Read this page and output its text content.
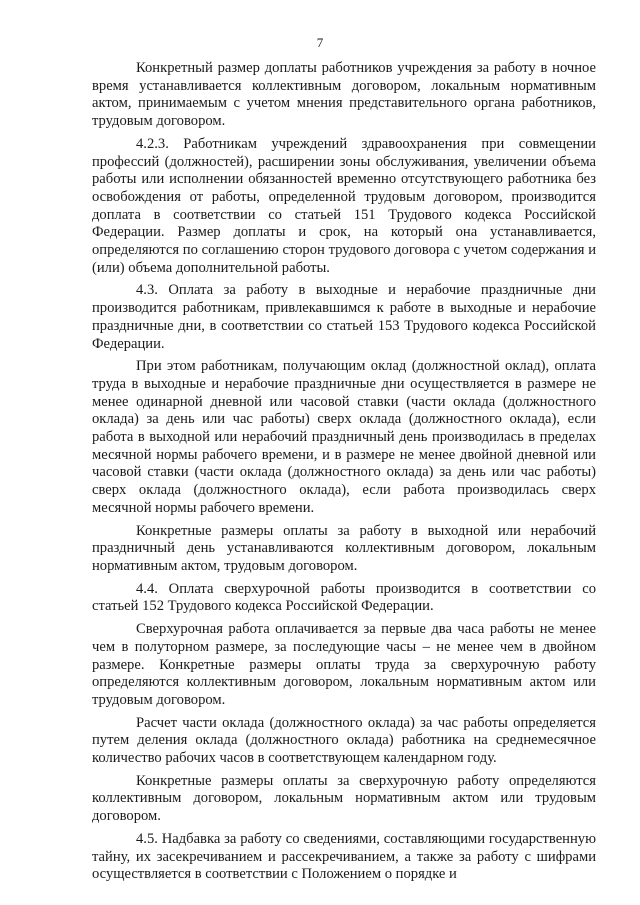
7

Конкретный размер доплаты работников учреждения за работу в ночное время устанавливается коллективным договором, локальным нормативным актом, принимаемым с учетом мнения представительного органа работников, трудовым договором.

4.2.3. Работникам учреждений здравоохранения при совмещении профессий (должностей), расширении зоны обслуживания, увеличении объема работы или исполнении обязанностей временно отсутствующего работника без освобождения от работы, определенной трудовым договором, производится доплата в соответствии со статьей 151 Трудового кодекса Российской Федерации. Размер доплаты и срок, на который она устанавливается, определяются по соглашению сторон трудового договора с учетом содержания и (или) объема дополнительной работы.

4.3. Оплата за работу в выходные и нерабочие праздничные дни производится работникам, привлекавшимся к работе в выходные и нерабочие праздничные дни, в соответствии со статьей 153 Трудового кодекса Российской Федерации.

При этом работникам, получающим оклад (должностной оклад), оплата труда в выходные и нерабочие праздничные дни осуществляется в размере не менее одинарной дневной или часовой ставки (части оклада (должностного оклада) за день или час работы) сверх оклада (должностного оклада), если работа в выходной или нерабочий праздничный день производилась в пределах месячной нормы рабочего времени, и в размере не менее двойной дневной или часовой ставки (части оклада (должностного оклада) за день или час работы) сверх оклада (должностного оклада), если работа производилась сверх месячной нормы рабочего времени.

Конкретные размеры оплаты за работу в выходной или нерабочий праздничный день устанавливаются коллективным договором, локальным нормативным актом, трудовым договором.

4.4. Оплата сверхурочной работы производится в соответствии со статьей 152 Трудового кодекса Российской Федерации.

Сверхурочная работа оплачивается за первые два часа работы не менее чем в полуторном размере, за последующие часы – не менее чем в двойном размере. Конкретные размеры оплаты труда за сверхурочную работу определяются коллективным договором, локальным нормативным актом или трудовым договором.

Расчет части оклада (должностного оклада) за час работы определяется путем деления оклада (должностного оклада) работника на среднемесячное количество рабочих часов в соответствующем календарном году.

Конкретные размеры оплаты за сверхурочную работу определяются коллективным договором, локальным нормативным актом или трудовым договором.

4.5. Надбавка за работу со сведениями, составляющими государственную тайну, их засекречиванием и рассекречиванием, а также за работу с шифрами осуществляется в соответствии с Положением о порядке и
